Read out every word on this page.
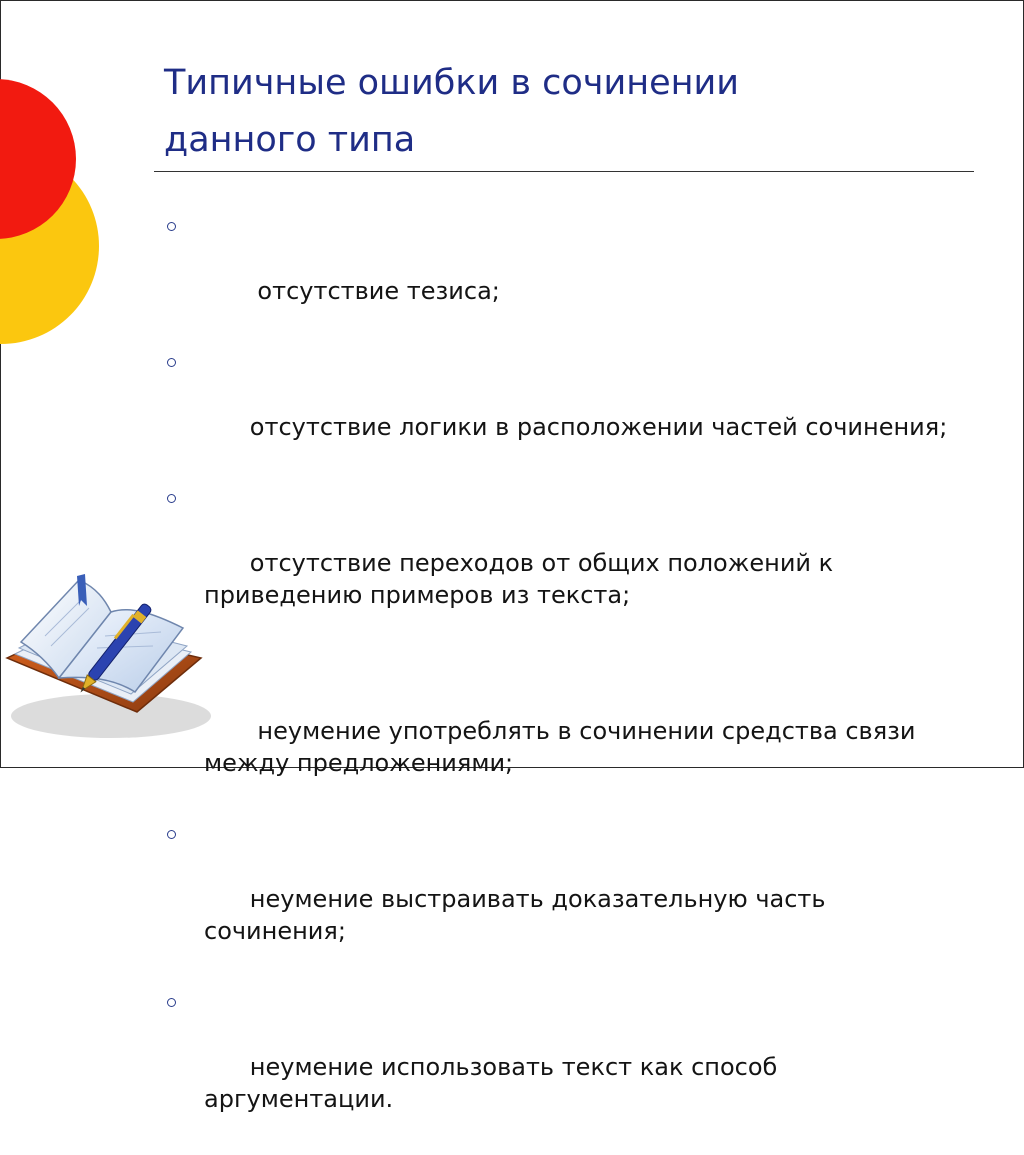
Типичные ошибки в сочинении
данного типа

отсутствие тезиса;

отсутствие логики в расположении частей сочинения;

отсутствие переходов от общих положений к приведению примеров из текста;

неумение употреблять в сочинении средства связи между предложениями;

неумение выстраивать доказательную часть сочинения;

неумение использовать текст как способ аргументации.
